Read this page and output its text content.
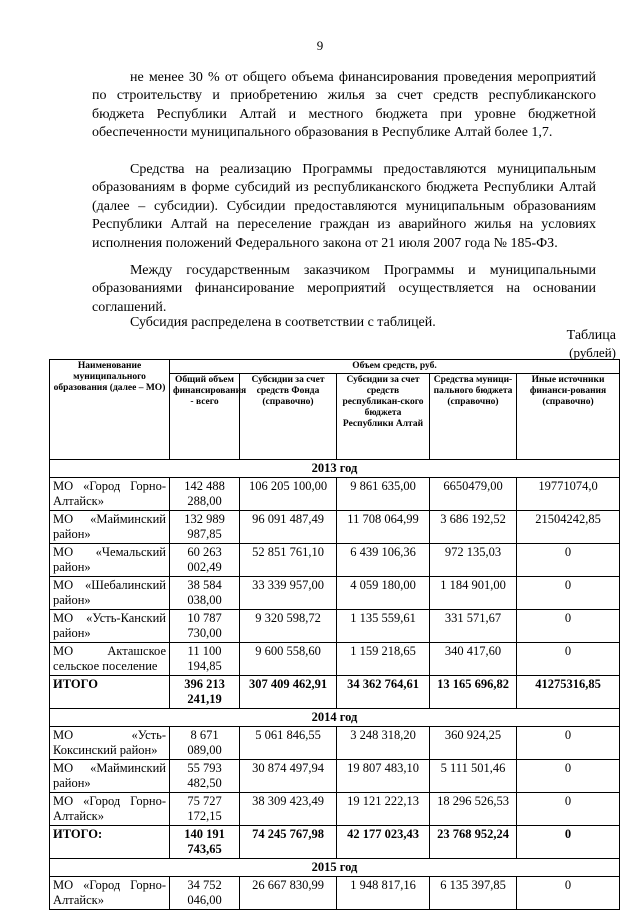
9

не менее 30 % от общего объема финансирования проведения мероприятий по строительству и приобретению жилья за счет средств республиканского бюджета Республики Алтай и местного бюджета при уровне бюджетной обеспеченности муниципального образования в Республике Алтай более 1,7.

Средства на реализацию Программы предоставляются муниципальным образованиям в форме субсидий из республиканского бюджета Республики Алтай (далее – субсидии). Субсидии предоставляются муниципальным образованиям Республики Алтай на переселение граждан из аварийного жилья на условиях исполнения положений Федерального закона от 21 июля 2007 года № 185-ФЗ.

Между государственным заказчиком Программы и муниципальными образованиями финансирование мероприятий осуществляется на основании соглашений.

Субсидия распределена в соответствии с таблицей.

Таблица
(рублей)
Наименование муниципального образования (далее – МО)	Объем средств, руб.				
	Общий объем финансирования - всего	Субсидии за счет средств Фонда (справочно)	Субсидии за счет средств республикан-ского бюджета Республики Алтай	Средства муници-пального бюджета (справочно)	Иные источники финанси-рования (справочно)
2013 год					
МО «Город Горно-Алтайск»	142 488 288,00	106 205 100,00	9 861 635,00	6650479,00	19771074,0
МО «Майминский район»	132 989 987,85	96 091 487,49	11 708 064,99	3 686 192,52	21504242,85
МО «Чемальский район»	60 263 002,49	52 851 761,10	6 439 106,36	972 135,03	0
МО «Шебалинский район»	38 584 038,00	33 339 957,00	4 059 180,00	1 184 901,00	0
МО «Усть-Канский район»	10 787 730,00	9 320 598,72	1 135 559,61	331 571,67	0
МО Акташское сельское поселение	11 100 194,85	9 600 558,60	1 159 218,65	340 417,60	0
ИТОГО	396 213 241,19	307 409 462,91	34 362 764,61	13 165 696,82	41275316,85
2014 год					
МО «Усть-Коксинский район»	8 671 089,00	5 061 846,55	3 248 318,20	360 924,25	0
МО «Майминский район»	55 793 482,50	30 874 497,94	19 807 483,10	5 111 501,46	0
МО «Город Горно-Алтайск»	75 727 172,15	38 309 423,49	19 121 222,13	18 296 526,53	0
ИТОГО:	140 191 743,65	74 245 767,98	42 177 023,43	23 768 952,24	0
2015 год					
МО «Город Горно-Алтайск»	34 752 046,00	26 667 830,99	1 948 817,16	6 135 397,85	0
